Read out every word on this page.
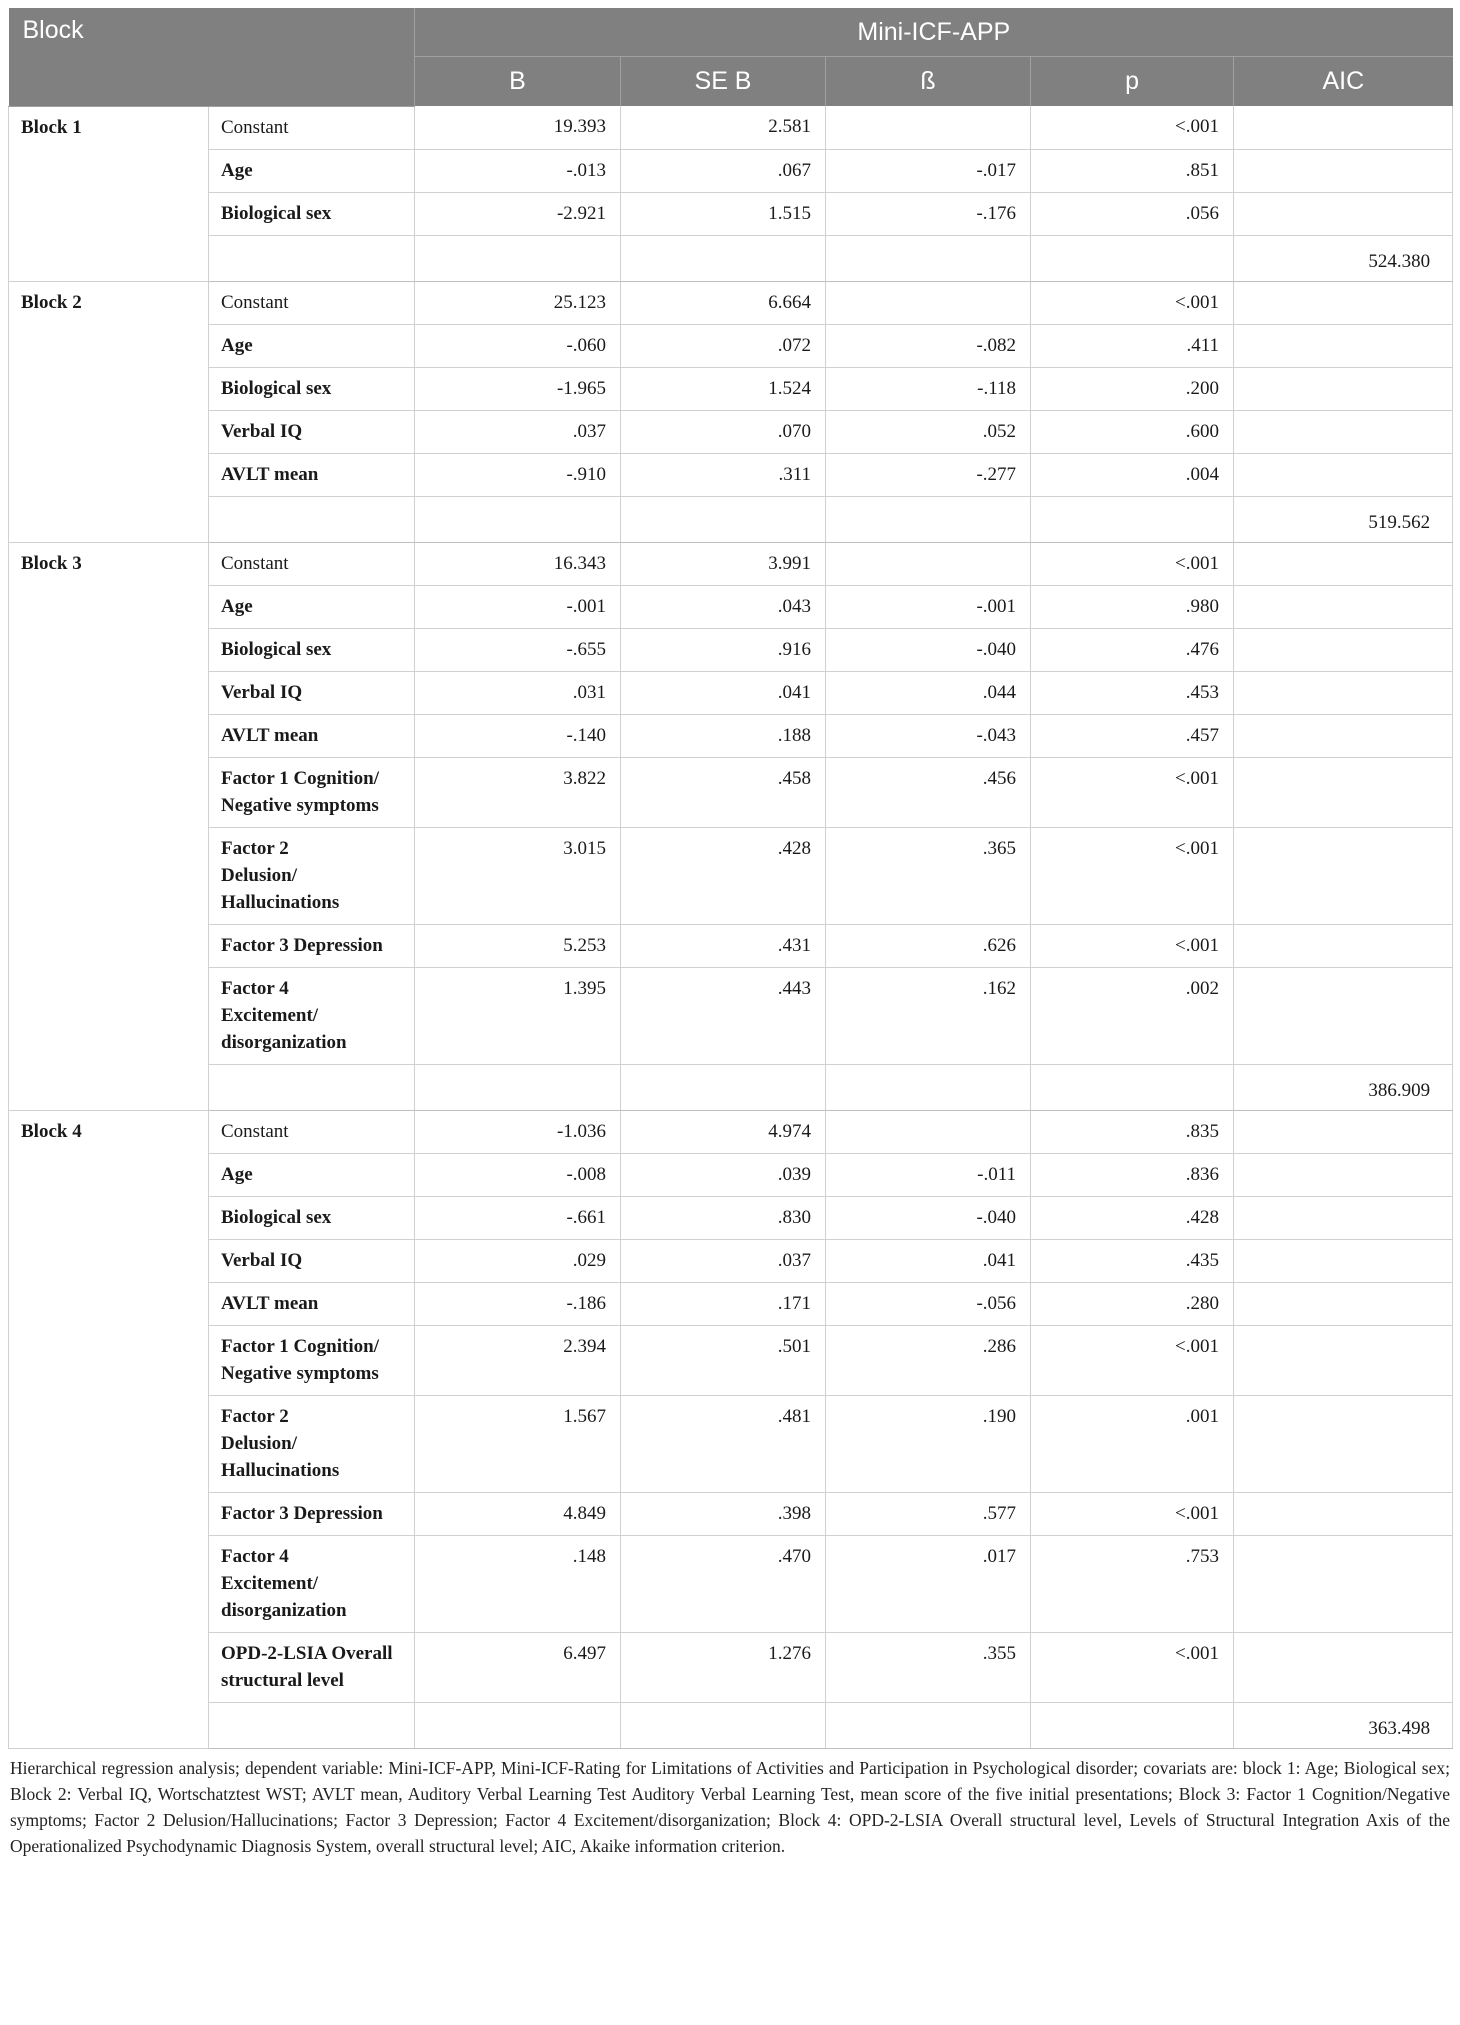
Block		Mini-ICF-APP				
		B	SE B	ß	p	AIC
Block 1	Constant	19.393	2.581		<.001	
	Age	-.013	.067	-.017	.851	
	Biological sex	-2.921	1.515	-.176	.056	
						524.380
Block 2	Constant	25.123	6.664		<.001	
	Age	-.060	.072	-.082	.411	
	Biological sex	-1.965	1.524	-.118	.200	
	Verbal IQ	.037	.070	.052	.600	
	AVLT mean	-.910	.311	-.277	.004	
						519.562
Block 3	Constant	16.343	3.991		<.001	
	Age	-.001	.043	-.001	.980	
	Biological sex	-.655	.916	-.040	.476	
	Verbal IQ	.031	.041	.044	.453	
	AVLT mean	-.140	.188	-.043	.457	
	Factor 1 Cognition/
Negative symptoms	3.822	.458	.456	<.001	
	Factor 2
Delusion/
Hallucinations	3.015	.428	.365	<.001	
	Factor 3 Depression	5.253	.431	.626	<.001	
	Factor 4
Excitement/
disorganization	1.395	.443	.162	.002	
						386.909
Block 4	Constant	-1.036	4.974		.835	
	Age	-.008	.039	-.011	.836	
	Biological sex	-.661	.830	-.040	.428	
	Verbal IQ	.029	.037	.041	.435	
	AVLT mean	-.186	.171	-.056	.280	
	Factor 1 Cognition/
Negative symptoms	2.394	.501	.286	<.001	
	Factor 2
Delusion/
Hallucinations	1.567	.481	.190	.001	
	Factor 3 Depression	4.849	.398	.577	<.001	
	Factor 4
Excitement/
disorganization	.148	.470	.017	.753	
	OPD-2-LSIA Overall
structural level	6.497	1.276	.355	<.001	
						363.498
Hierarchical regression analysis; dependent variable: Mini-ICF-APP, Mini-ICF-Rating for Limitations of Activities and Participation in Psychological disorder; covariats are: block 1: Age; Biological sex; Block 2: Verbal IQ, Wortschatztest WST; AVLT mean, Auditory Verbal Learning Test Auditory Verbal Learning Test, mean score of the five initial presentations; Block 3: Factor 1 Cognition/Negative symptoms; Factor 2 Delusion/Hallucinations; Factor 3 Depression; Factor 4 Excitement/disorganization; Block 4: OPD-2-LSIA Overall structural level, Levels of Structural Integration Axis of the Operationalized Psychodynamic Diagnosis System, overall structural level; AIC, Akaike information criterion.
